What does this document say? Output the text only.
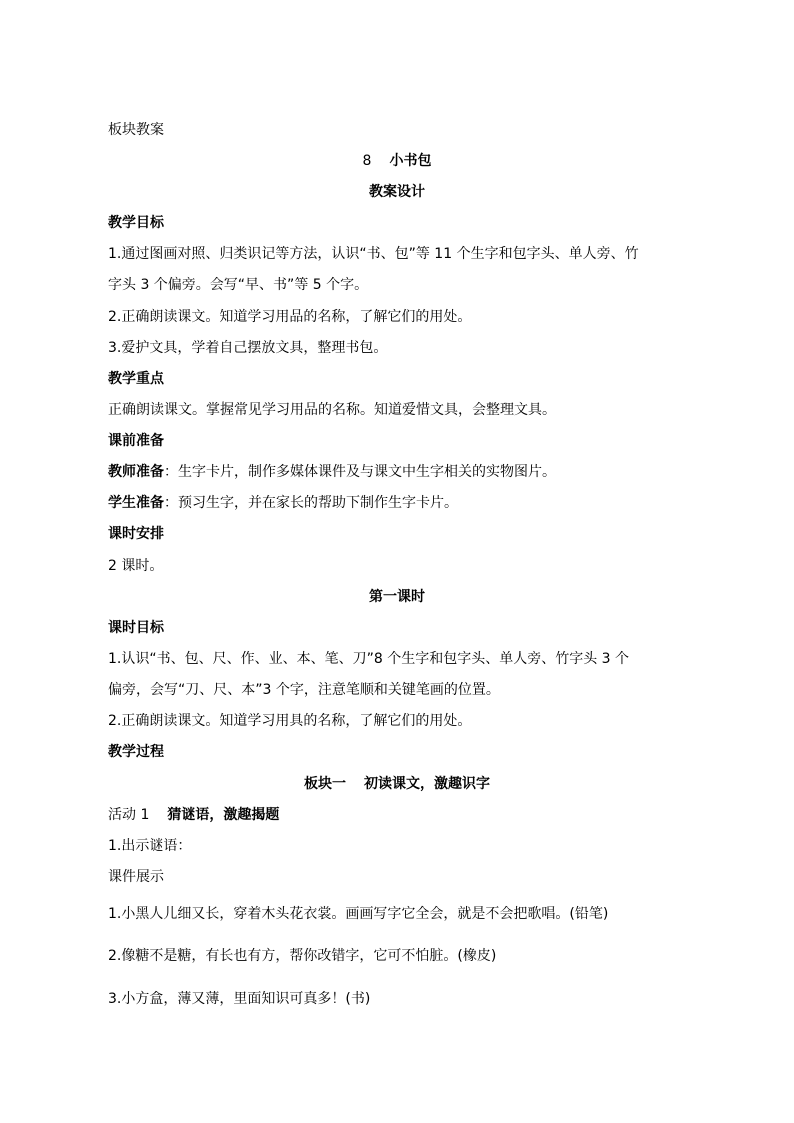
板块教案
8 小书包
教案设计
教学目标
1.通过图画对照、归类识记等方法，认识“书、包”等 11 个生字和包字头、单人旁、竹
字头 3 个偏旁。会写“早、书”等 5 个字。
2.正确朗读课文。知道学习用品的名称，了解它们的用处。
3.爱护文具，学着自己摆放文具，整理书包。
教学重点
正确朗读课文。掌握常见学习用品的名称。知道爱惜文具，会整理文具。
课前准备
教师准备：生字卡片，制作多媒体课件及与课文中生字相关的实物图片。
学生准备：预习生字，并在家长的帮助下制作生字卡片。
课时安排
2 课时。
第一课时
课时目标
1.认识“书、包、尺、作、业、本、笔、刀”8 个生字和包字头、单人旁、竹字头 3 个
偏旁，会写“刀、尺、本”3 个字，注意笔顺和关键笔画的位置。
2.正确朗读课文。知道学习用具的名称，了解它们的用处。
教学过程
板块一 初读课文，激趣识字
活动 1 猜谜语，激趣揭题
1.出示谜语：
课件展示
1.小黑人儿细又长，穿着木头花衣裳。画画写字它全会，就是不会把歌唱。(铅笔)
2.像糖不是糖，有长也有方，帮你改错字，它可不怕脏。(橡皮)
3.小方盒，薄又薄，里面知识可真多！(书)
